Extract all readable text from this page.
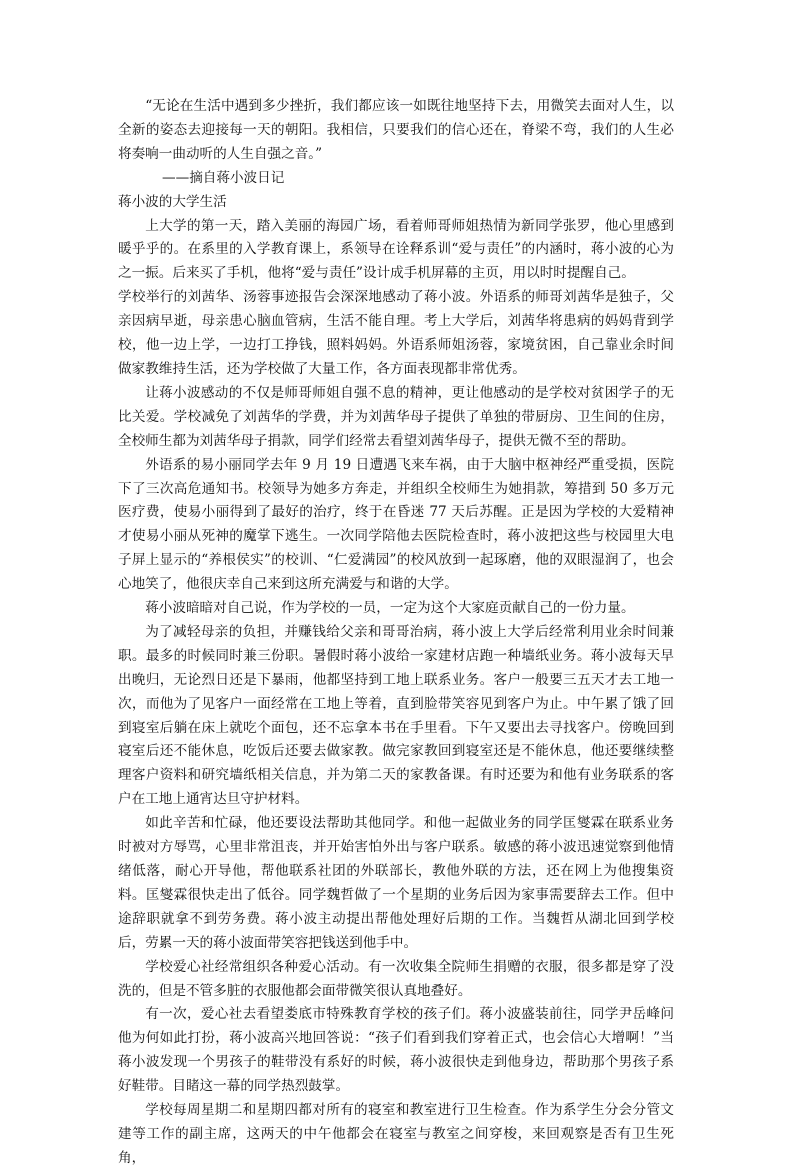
“无论在生活中遇到多少挫折，我们都应该一如既往地坚持下去，用微笑去面对人生，以全新的姿态去迎接每一天的朝阳。我相信，只要我们的信心还在，脊梁不弯，我们的人生必将奏响一曲动听的人生自强之音。”

——摘自蒋小波日记

蒋小波的大学生活

上大学的第一天，踏入美丽的海园广场，看着师哥师姐热情为新同学张罗，他心里感到暖乎乎的。在系里的入学教育课上，系领导在诠释系训“爱与责任”的内涵时，蒋小波的心为之一振。后来买了手机，他将“爱与责任”设计成手机屏幕的主页，用以时时提醒自己。

学校举行的刘茜华、汤蓉事迹报告会深深地感动了蒋小波。外语系的师哥刘茜华是独子，父亲因病早逝，母亲患心脑血管病，生活不能自理。考上大学后，刘茜华将患病的妈妈背到学校，他一边上学，一边打工挣钱，照料妈妈。外语系师姐汤蓉，家境贫困，自己靠业余时间做家教维持生活，还为学校做了大量工作，各方面表现都非常优秀。

让蒋小波感动的不仅是师哥师姐自强不息的精神，更让他感动的是学校对贫困学子的无比关爱。学校减免了刘茜华的学费，并为刘茜华母子提供了单独的带厨房、卫生间的住房，全校师生都为刘茜华母子捐款，同学们经常去看望刘茜华母子，提供无微不至的帮助。

外语系的易小丽同学去年 9 月 19 日遭遇飞来车祸，由于大脑中枢神经严重受损，医院下了三次高危通知书。校领导为她多方奔走，并组织全校师生为她捐款，筹措到 50 多万元医疗费，使易小丽得到了最好的治疗，终于在昏迷 77 天后苏醒。正是因为学校的大爱精神才使易小丽从死神的魔掌下逃生。一次同学陪他去医院检查时，蒋小波把这些与校园里大电子屏上显示的“养根侯实”的校训、“仁爱满园”的校风放到一起琢磨，他的双眼湿润了，也会心地笑了，他很庆幸自己来到这所充满爱与和谐的大学。

蒋小波暗暗对自己说，作为学校的一员，一定为这个大家庭贡献自己的一份力量。

为了减轻母亲的负担，并赚钱给父亲和哥哥治病，蒋小波上大学后经常利用业余时间兼职。最多的时候同时兼三份职。暑假时蒋小波给一家建材店跑一种墙纸业务。蒋小波每天早出晚归，无论烈日还是下暴雨，他都坚持到工地上联系业务。客户一般要三五天才去工地一次，而他为了见客户一面经常在工地上等着，直到脸带笑容见到客户为止。中午累了饿了回到寝室后躺在床上就吃个面包，还不忘拿本书在手里看。下午又要出去寻找客户。傍晚回到寝室后还不能休息，吃饭后还要去做家教。做完家教回到寝室还是不能休息，他还要继续整理客户资料和研究墙纸相关信息，并为第二天的家教备课。有时还要为和他有业务联系的客户在工地上通宵达旦守护材料。

如此辛苦和忙碌，他还要设法帮助其他同学。和他一起做业务的同学匡燮霖在联系业务时被对方辱骂，心里非常沮丧，并开始害怕外出与客户联系。敏感的蒋小波迅速觉察到他情绪低落，耐心开导他，帮他联系社团的外联部长，教他外联的方法，还在网上为他搜集资料。匡燮霖很快走出了低谷。同学魏哲做了一个星期的业务后因为家事需要辞去工作。但中途辞职就拿不到劳务费。蒋小波主动提出帮他处理好后期的工作。当魏哲从湖北回到学校后，劳累一天的蒋小波面带笑容把钱送到他手中。

学校爱心社经常组织各种爱心活动。有一次收集全院师生捐赠的衣服，很多都是穿了没洗的，但是不管多脏的衣服他都会面带微笑很认真地叠好。

有一次，爱心社去看望娄底市特殊教育学校的孩子们。蒋小波盛装前往，同学尹岳峰问他为何如此打扮，蒋小波高兴地回答说：“孩子们看到我们穿着正式，也会信心大增啊！”当蒋小波发现一个男孩子的鞋带没有系好的时候，蒋小波很快走到他身边，帮助那个男孩子系好鞋带。目睹这一幕的同学热烈鼓掌。

学校每周星期二和星期四都对所有的寝室和教室进行卫生检查。作为系学生分会分管文建等工作的副主席，这两天的中午他都会在寝室与教室之间穿梭，来回观察是否有卫生死角，
